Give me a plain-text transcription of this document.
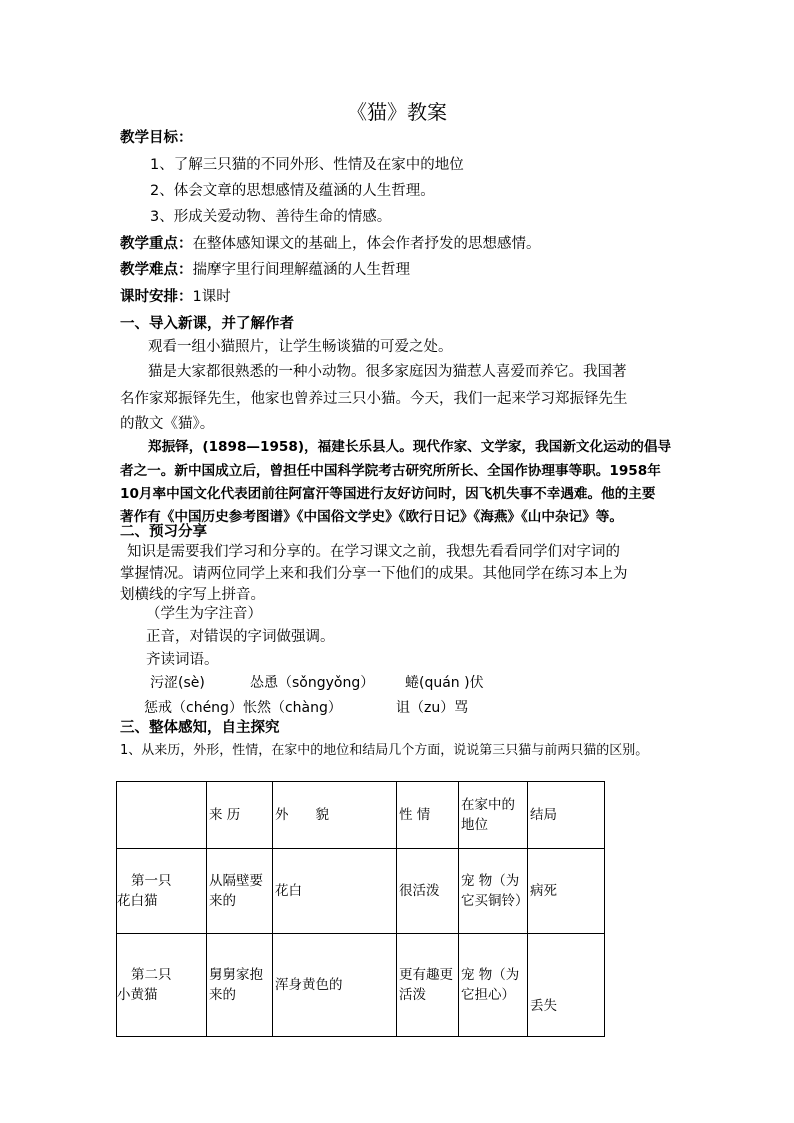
《猫》教案
教学目标：
1、了解三只猫的不同外形、性情及在家中的地位
2、体会文章的思想感情及蕴涵的人生哲理。
3、形成关爱动物、善待生命的情感。
教学重点：在整体感知课文的基础上，体会作者抒发的思想感情。
教学难点：揣摩字里行间理解蕴涵的人生哲理
课时安排：1课时
一、导入新课，并了解作者
观看一组小猫照片，让学生畅谈猫的可爱之处。
猫是大家都很熟悉的一种小动物。很多家庭因为猫惹人喜爱而养它。我国著
名作家郑振铎先生，他家也曾养过三只小猫。今天，我们一起来学习郑振铎先生
的散文《猫》。
郑振铎，(1898—1958)，福建长乐县人。现代作家、文学家，我国新文化运动的倡导
者之一。新中国成立后，曾担任中国科学院考古研究所所长、全国作协理事等职。1958年
10月率中国文化代表团前往阿富汗等国进行友好访问时，因飞机失事不幸遇难。他的主要
著作有《中国历史参考图谱》《中国俗文学史》《欧行日记》《海燕》《山中杂记》等。
二、预习分享
知识是需要我们学习和分享的。在学习课文之前，我想先看看同学们对字词的
掌握情况。请两位同学上来和我们分享一下他们的成果。其他同学在练习本上为
划横线的字写上拼音。
（学生为字注音）
正音，对错误的字词做强调。
齐读词语。
污涩(sè)	怂恿（sǒngyǒng） 蜷(quán )伏
惩戒（chéng）怅然（chàng）	诅（zu）骂
三、整体感知，自主探究
1、从来历，外形，性情，在家中的地位和结局几个方面，说说第三只猫与前两只猫的区别。
	来 历	外　　貌	性 情	在家中的地位	结局

第一只
花白猫	从隔壁要来的	花白	很活泼	宠 物（为它买铜铃）	病死

第二只
小黄猫	舅舅家抱来的	浑身黄色的	更有趣更活泼	宠 物（为它担心）	丢失
